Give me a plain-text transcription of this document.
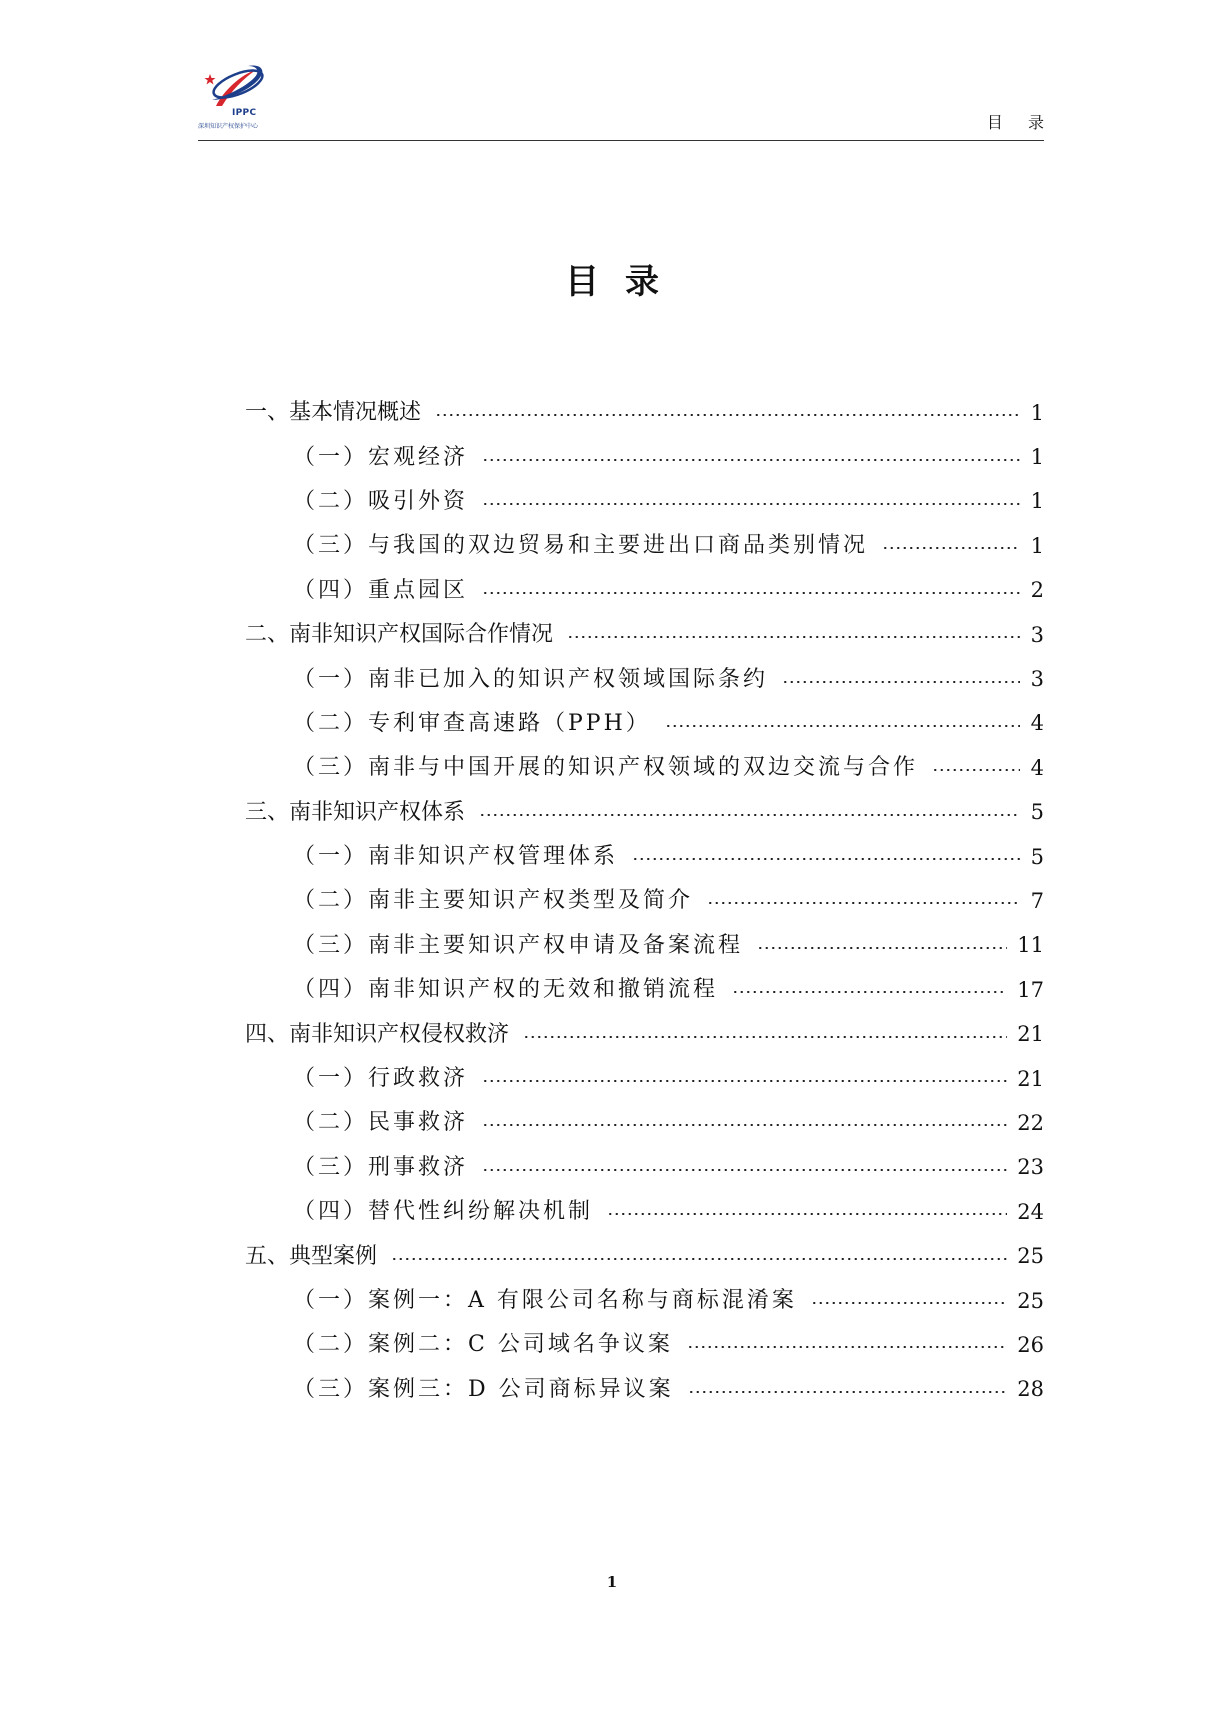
IPPC
深圳知识产权保护中心	目 录
目录
一、基本情况概述	1
（一）宏观经济	1
（二）吸引外资	1
（三）与我国的双边贸易和主要进出口商品类别情况	1
（四）重点园区	2
二、南非知识产权国际合作情况	3
（一）南非已加入的知识产权领域国际条约	3
（二）专利审查高速路（PPH）	4
（三）南非与中国开展的知识产权领域的双边交流与合作	4
三、南非知识产权体系	5
（一）南非知识产权管理体系	5
（二）南非主要知识产权类型及简介	7
（三）南非主要知识产权申请及备案流程	11
（四）南非知识产权的无效和撤销流程	17
四、南非知识产权侵权救济	21
（一）行政救济	21
（二）民事救济	22
（三）刑事救济	23
（四）替代性纠纷解决机制	24
五、典型案例	25
（一）案例一：A 有限公司名称与商标混淆案	25
（二）案例二：C 公司域名争议案	26
（三）案例三：D 公司商标异议案	28
1
